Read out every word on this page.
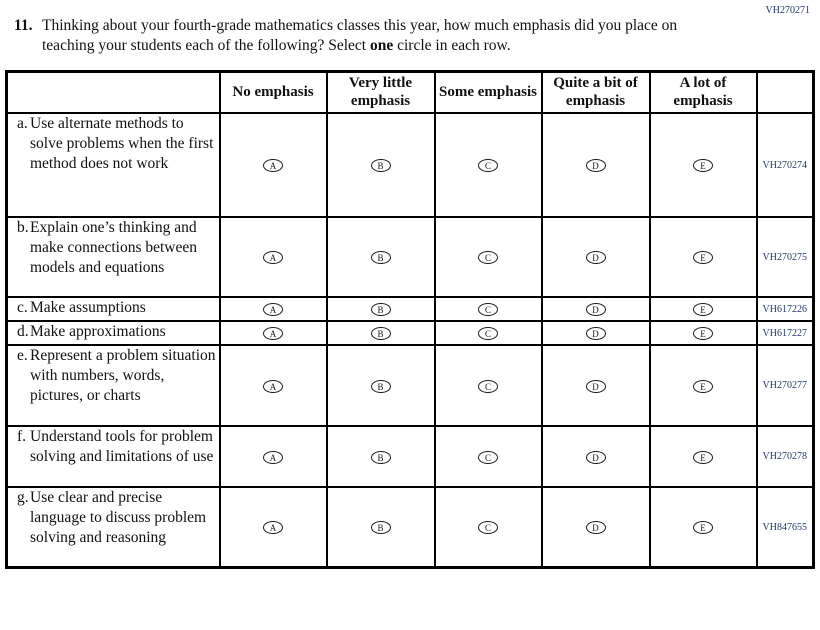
VH270271
11. Thinking about your fourth-grade mathematics classes this year, how much emphasis did you place on teaching your students each of the following? Select one circle in each row.
	No emphasis	Very little emphasis	Some emphasis	Quite a bit of emphasis	A lot of emphasis	

a. Use alternate methods to solve problems when the first method does not work	A	B	C	D	E	VH270274

b. Explain one’s thinking and make connections between models and equations	A	B	C	D	E	VH270275

c. Make assumptions	A	B	C	D	E	VH617226

d. Make approximations	A	B	C	D	E	VH617227

e. Represent a problem situation with numbers, words, pictures, or charts	A	B	C	D	E	VH270277

f. Understand tools for problem solving and limitations of use	A	B	C	D	E	VH270278

g. Use clear and precise language to discuss problem solving and reasoning	A	B	C	D	E	VH847655
